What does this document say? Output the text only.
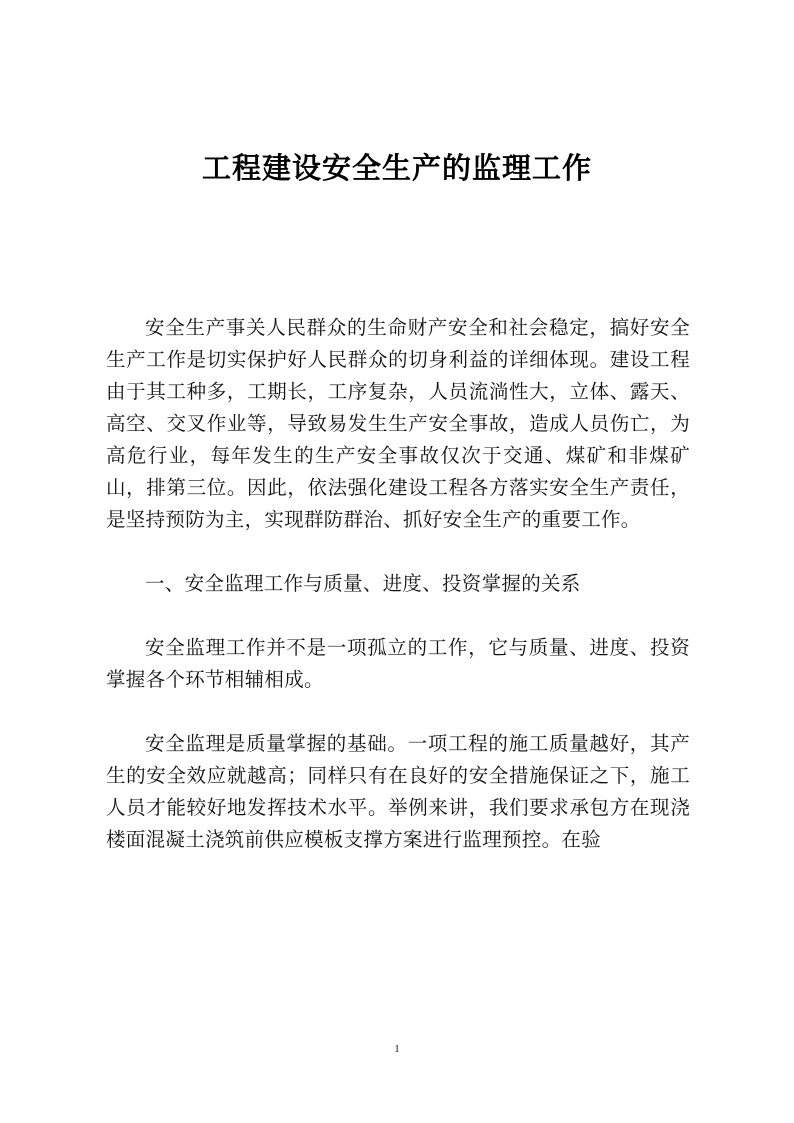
工程建设安全生产的监理工作

安全生产事关人民群众的生命财产安全和社会稳定，搞好安全生产工作是切实保护好人民群众的切身利益的详细体现。建设工程由于其工种多，工期长，工序复杂，人员流淌性大，立体、露天、高空、交叉作业等，导致易发生生产安全事故，造成人员伤亡，为高危行业，每年发生的生产安全事故仅次于交通、煤矿和非煤矿山，排第三位。因此，依法强化建设工程各方落实安全生产责任，是坚持预防为主，实现群防群治、抓好安全生产的重要工作。

一、安全监理工作与质量、进度、投资掌握的关系

安全监理工作并不是一项孤立的工作，它与质量、进度、投资掌握各个环节相辅相成。

安全监理是质量掌握的基础。一项工程的施工质量越好，其产生的安全效应就越高；同样只有在良好的安全措施保证之下，施工人员才能较好地发挥技术水平。举例来讲，我们要求承包方在现浇楼面混凝土浇筑前供应模板支撑方案进行监理预控。在验

1
